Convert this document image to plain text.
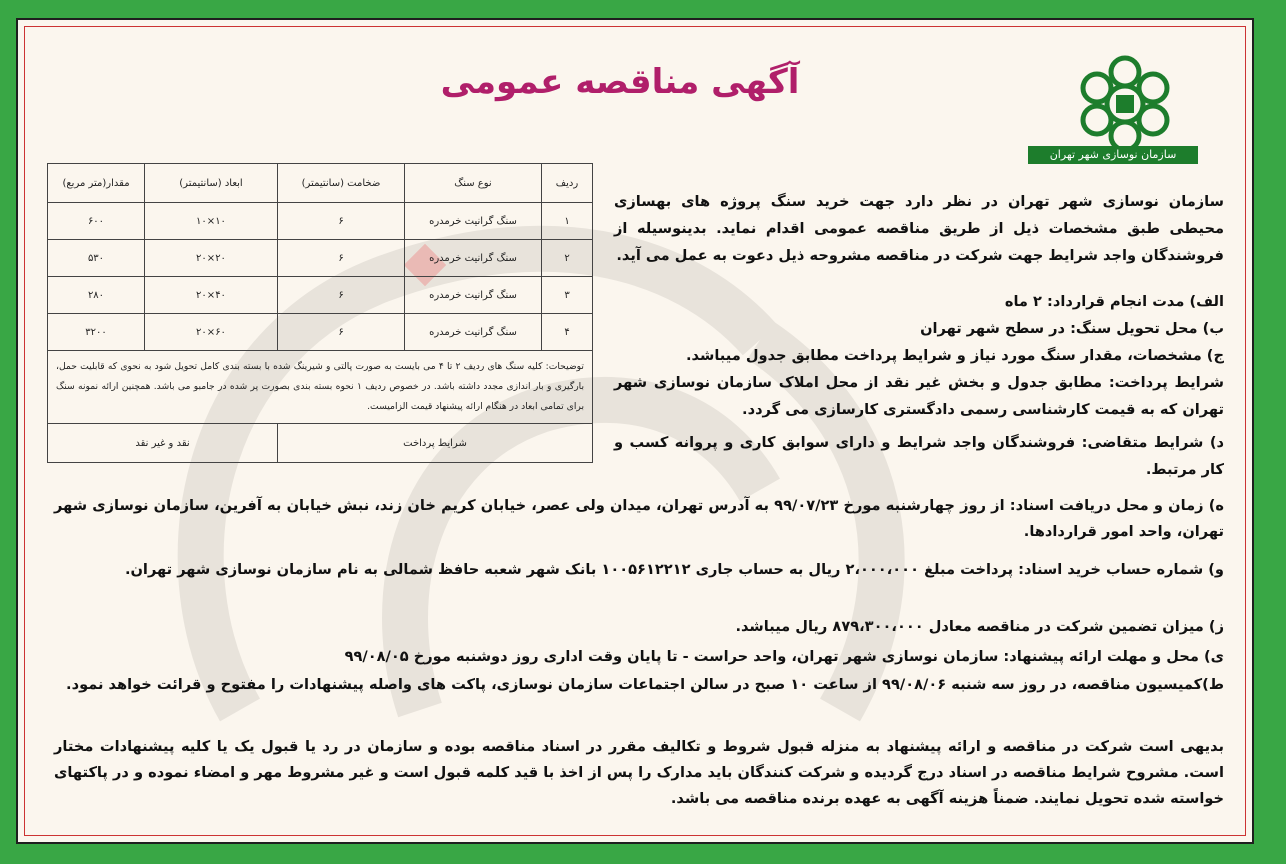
سازمان نوسازی شهر تهران
آگهی مناقصه عمومی
ردیف	نوع سنگ	ضخامت (سانتیمتر)	ابعاد (سانتیمتر)	مقدار(متر مربع)
۱	سنگ گرانیت خرمدره	۶	۱۰×۱۰	۶۰۰
۲	سنگ گرانیت خرمدره	۶	۲۰×۲۰	۵۳۰
۳	سنگ گرانیت خرمدره	۶	۴۰×۲۰	۲۸۰
۴	سنگ گرانیت خرمدره	۶	۶۰×۲۰	۳۲۰۰
توضیحات: کلیه سنگ های ردیف ۲ تا ۴ می بایست به صورت پالتی و شیرینگ شده با بسته بندی کامل تحویل شود به نحوی که قابلیت حمل، بارگیری و بار اندازی مجدد داشته باشد. در خصوص ردیف ۱ نحوه بسته بندی بصورت پر شده در جامبو می باشد. همچنین ارائه نمونه سنگ برای تمامی ابعاد در هنگام ارائه پیشنهاد قیمت الزامیست.				
شرایط پرداخت			نقد و غیر نقد	
سازمان نوسازی شهر تهران در نظر دارد جهت خرید سنگ پروژه های بهسازی محیطی طبق مشخصات ذیل از طریق مناقصه عمومی اقدام نماید. بدینوسیله از فروشندگان واجد شرایط جهت شرکت در مناقصه مشروحه ذیل دعوت به عمل می آید.
الف) مدت انجام قرارداد: ۲ ماه
ب) محل تحویل سنگ: در سطح شهر تهران
ج) مشخصات، مقدار سنگ مورد نیاز و شرایط پرداخت مطابق جدول میباشد.
شرایط پرداخت: مطابق جدول و بخش غیر نقد از محل املاک سازمان نوسازی شهر تهران که به قیمت کارشناسی رسمی دادگستری کارسازی می گردد.
د) شرایط متقاضی: فروشندگان واجد شرایط و دارای سوابق کاری و پروانه کسب و کار مرتبط.
ه) زمان و محل دریافت اسناد: از روز چهارشنبه مورخ ۹۹/۰۷/۲۳ به آدرس تهران، میدان ولی عصر، خیابان کریم خان زند، نبش خیابان به آفرین، سازمان نوسازی شهر تهران، واحد امور قراردادها.
و) شماره حساب خرید اسناد: پرداخت مبلغ ۲،۰۰۰،۰۰۰ ریال به حساب جاری ۱۰۰۵۶۱۲۲۱۲ بانک شهر شعبه حافظ شمالی به نام سازمان نوسازی شهر تهران.
ز) میزان تضمین شرکت در مناقصه معادل ۸۷۹،۳۰۰،۰۰۰ ریال میباشد.
ی) محل و مهلت ارائه پیشنهاد: سازمان نوسازی شهر تهران، واحد حراست - تا پایان وقت اداری روز دوشنبه مورخ ۹۹/۰۸/۰۵
ط)کمیسیون مناقصه، در روز سه شنبه ۹۹/۰۸/۰۶ از ساعت ۱۰ صبح در سالن اجتماعات سازمان نوسازی، پاکت های واصله پیشنهادات را مفتوح و قرائت خواهد نمود.
بدیهی است شرکت در مناقصه و ارائه پیشنهاد به منزله قبول شروط و تکالیف مقرر در اسناد مناقصه بوده و سازمان در رد یا قبول یک یا کلیه پیشنهادات مختار است. مشروح شرایط مناقصه در اسناد درج گردیده و شرکت کنندگان باید مدارک را پس از اخذ با قید کلمه قبول است و غیر مشروط مهر و امضاء نموده و در پاکتهای خواسته شده تحویل نمایند. ضمناً هزینه آگهی به عهده برنده مناقصه می باشد.
